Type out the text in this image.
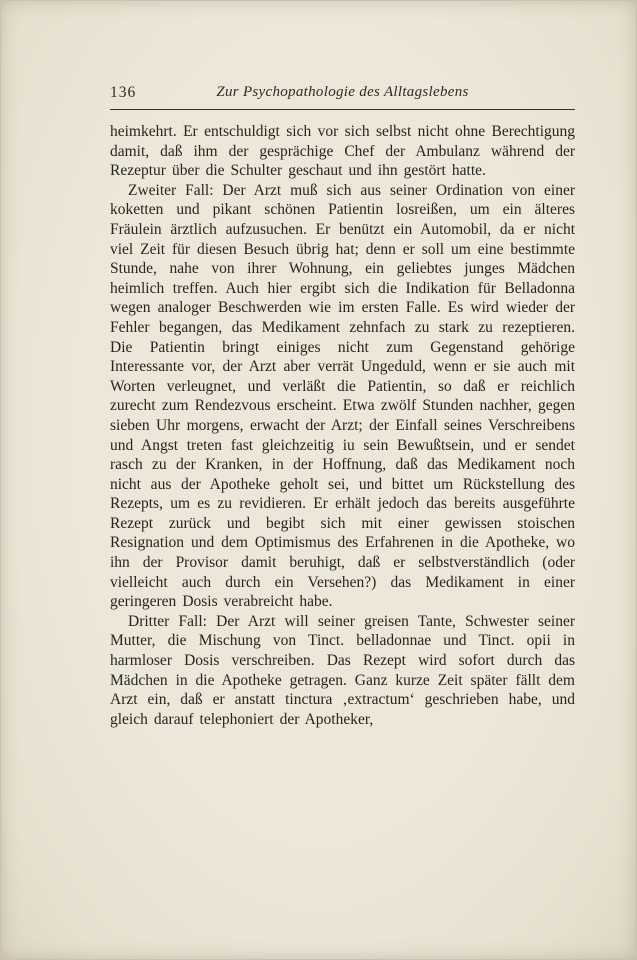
136	Zur Psychopathologie des Alltagslebens

heimkehrt. Er entschuldigt sich vor sich selbst nicht ohne Berechtigung damit, daß ihm der gesprächige Chef der Ambulanz während der Rezeptur über die Schulter geschaut und ihn gestört hatte.

Zweiter Fall: Der Arzt muß sich aus seiner Ordination von einer koketten und pikant schönen Patientin losreißen, um ein älteres Fräulein ärztlich aufzusuchen. Er benützt ein Automobil, da er nicht viel Zeit für diesen Besuch übrig hat; denn er soll um eine bestimmte Stunde, nahe von ihrer Wohnung, ein geliebtes junges Mädchen heimlich treffen. Auch hier ergibt sich die Indikation für Belladonna wegen analoger Beschwerden wie im ersten Falle. Es wird wieder der Fehler begangen, das Medikament zehnfach zu stark zu rezeptieren. Die Patientin bringt einiges nicht zum Gegenstand gehörige Interessante vor, der Arzt aber verrät Ungeduld, wenn er sie auch mit Worten verleugnet, und verläßt die Patientin, so daß er reichlich zurecht zum Rendezvous erscheint. Etwa zwölf Stunden nachher, gegen sieben Uhr morgens, erwacht der Arzt; der Einfall seines Verschreibens und Angst treten fast gleichzeitig iu sein Bewußtsein, und er sendet rasch zu der Kranken, in der Hoffnung, daß das Medikament noch nicht aus der Apotheke geholt sei, und bittet um Rückstellung des Rezepts, um es zu revidieren. Er erhält jedoch das bereits ausgeführte Rezept zurück und begibt sich mit einer gewissen stoischen Resignation und dem Optimismus des Erfahrenen in die Apotheke, wo ihn der Provisor damit beruhigt, daß er selbstverständlich (oder vielleicht auch durch ein Versehen?) das Medikament in einer geringeren Dosis verabreicht habe.

Dritter Fall: Der Arzt will seiner greisen Tante, Schwester seiner Mutter, die Mischung von Tinct. belladonnae und Tinct. opii in harmloser Dosis verschreiben. Das Rezept wird sofort durch das Mädchen in die Apotheke getragen. Ganz kurze Zeit später fällt dem Arzt ein, daß er anstatt tinctura ‚extractum‘ geschrieben habe, und gleich darauf telephoniert der Apotheker,
